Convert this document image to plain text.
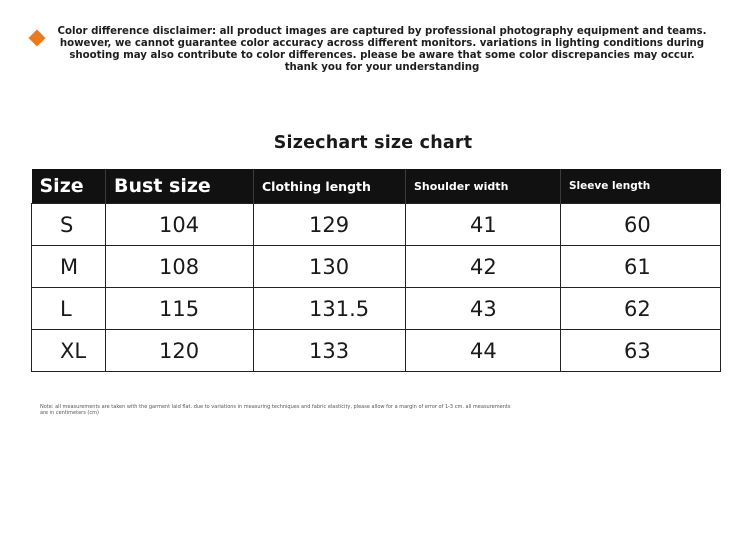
Color difference disclaimer: all product images are captured by professional photography equipment and teams. however, we cannot guarantee color accuracy across different monitors. variations in lighting conditions during shooting may also contribute to color differences. please be aware that some color discrepancies may occur. thank you for your understanding
Sizechart size chart
Size	Bust size	Clothing length	Shoulder width	Sleeve length
S	104	129	41	60
M	108	130	42	61
L	115	131.5	43	62
XL	120	133	44	63
Note: all measurements are taken with the garment laid flat. due to variations in measuring techniques and fabric elasticity, please allow for a margin of error of 1-3 cm. all measurements are in centimeters (cm)
